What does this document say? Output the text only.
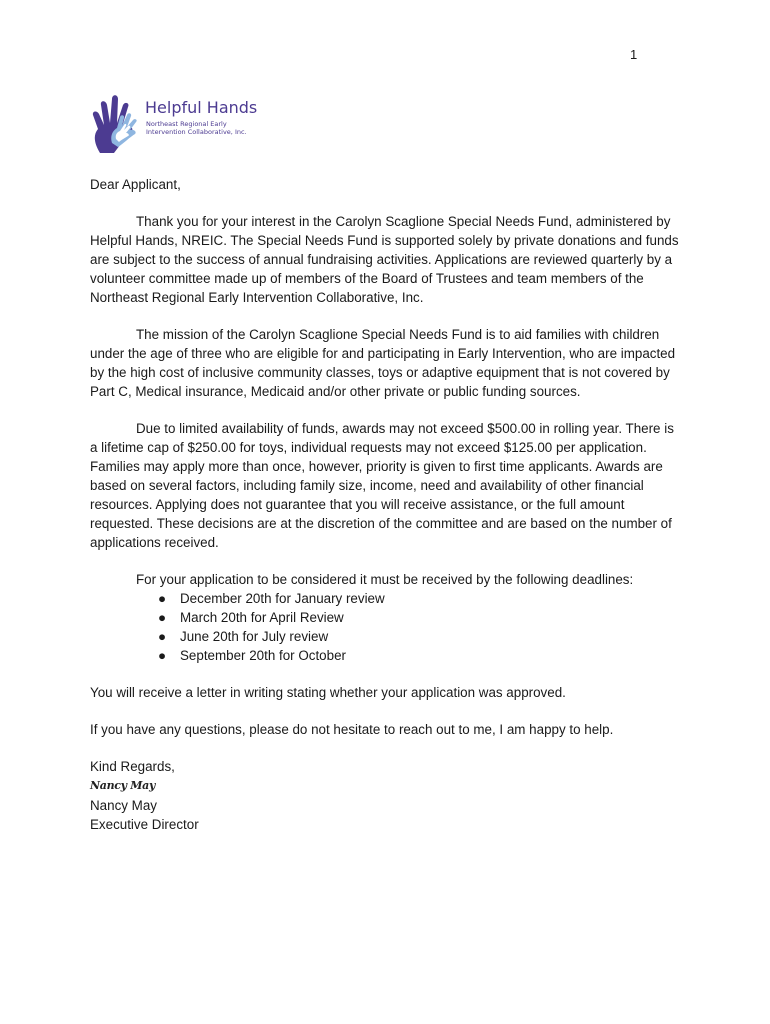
1
Helpful Hands
Northeast Regional Early Intervention Collaborative, Inc.

Dear Applicant,

Thank you for your interest in the Carolyn Scaglione Special Needs Fund, administered by Helpful Hands, NREIC. The Special Needs Fund is supported solely by private donations and funds are subject to the success of annual fundraising activities. Applications are reviewed quarterly by a volunteer committee made up of members of the Board of Trustees and team members of the Northeast Regional Early Intervention Collaborative, Inc.

The mission of the Carolyn Scaglione Special Needs Fund is to aid families with children under the age of three who are eligible for and participating in Early Intervention, who are impacted by the high cost of inclusive community classes, toys or adaptive equipment that is not covered by Part C, Medical insurance, Medicaid and/or other private or public funding sources.

Due to limited availability of funds, awards may not exceed $500.00 in rolling year. There is a lifetime cap of $250.00 for toys, individual requests may not exceed $125.00 per application. Families may apply more than once, however, priority is given to first time applicants. Awards are based on several factors, including family size, income, need and availability of other financial resources. Applying does not guarantee that you will receive assistance, or the full amount requested. These decisions are at the discretion of the committee and are based on the number of applications received.

For your application to be considered it must be received by the following deadlines:

● December 20th for January review
● March 20th for April Review
● June 20th for July review
● September 20th for October

You will receive a letter in writing stating whether your application was approved.

If you have any questions, please do not hesitate to reach out to me, I am happy to help.

Kind Regards,

Nancy May

Nancy May

Executive Director
